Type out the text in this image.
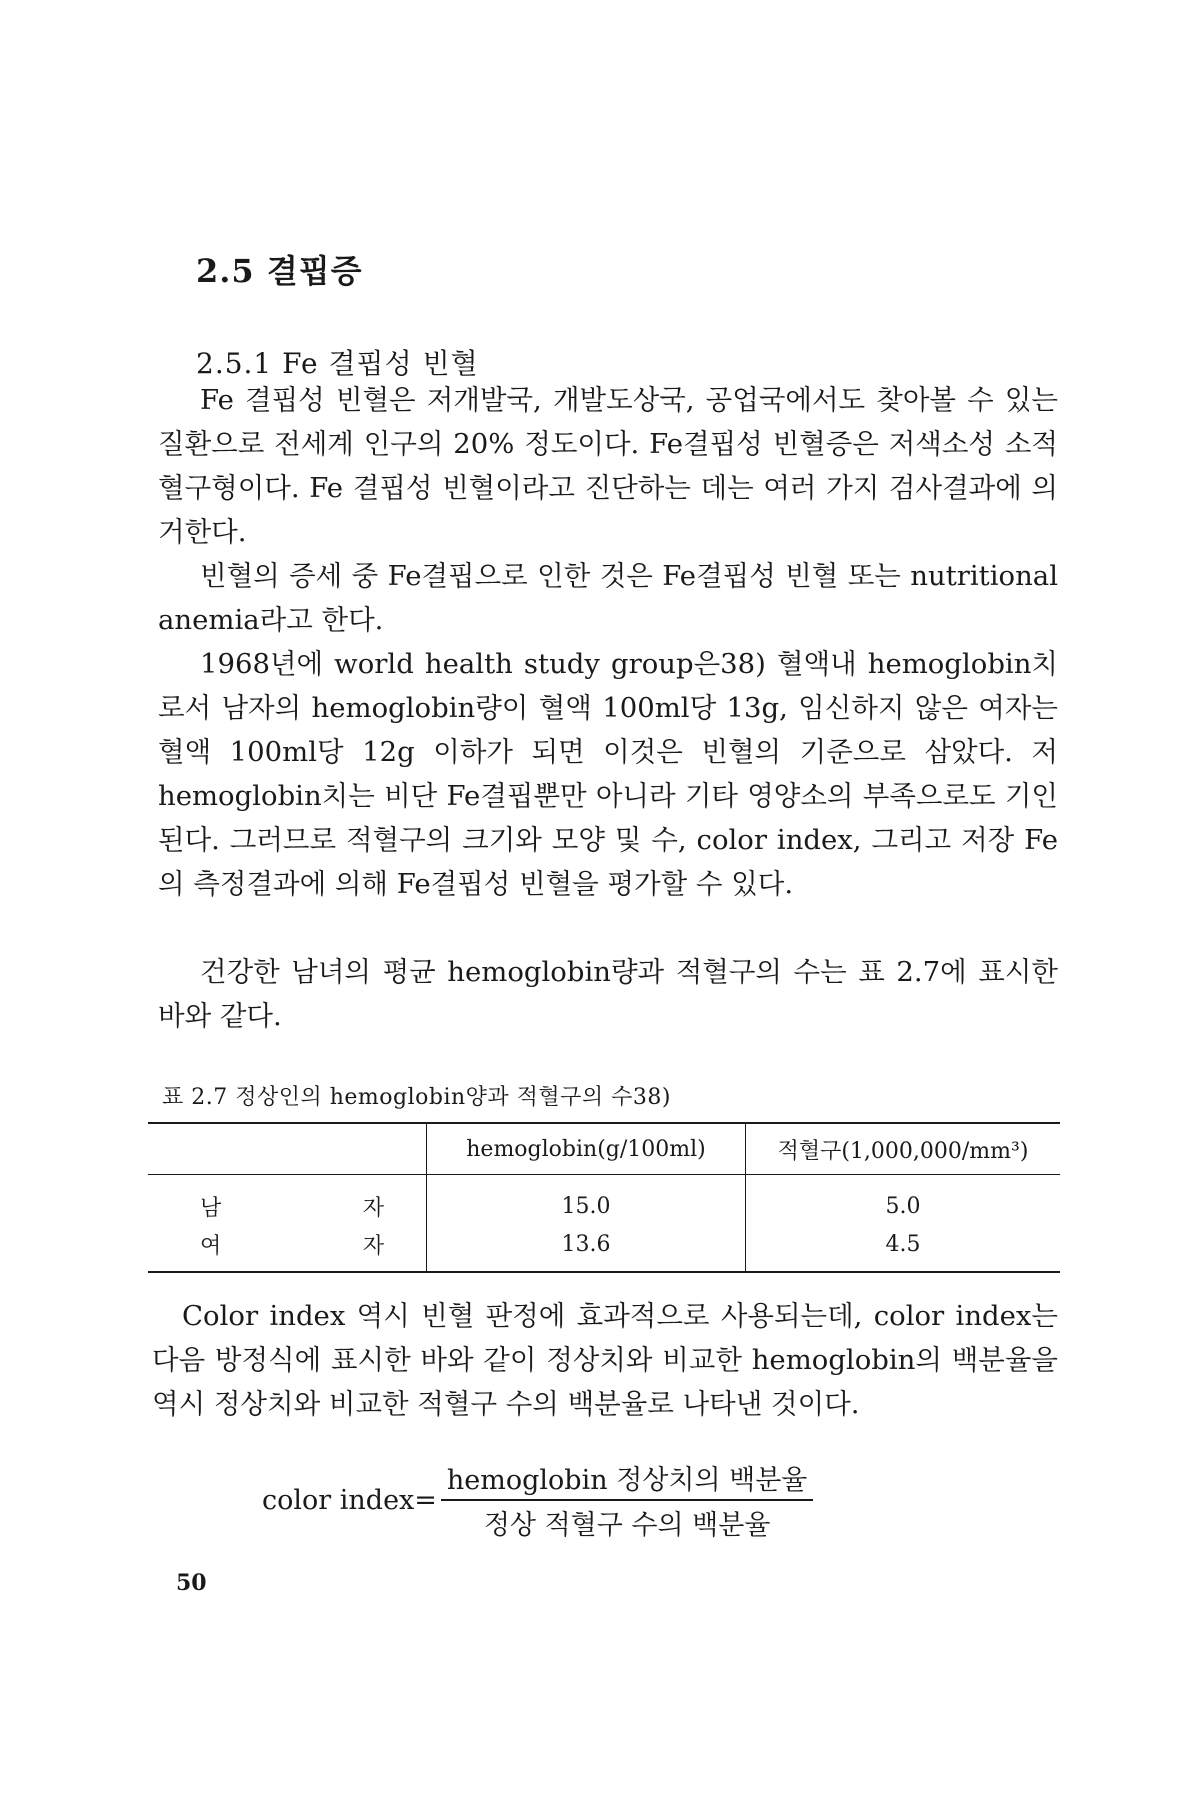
2.5 결핍증
2.5.1 Fe 결핍성 빈혈

Fe 결핍성 빈혈은 저개발국, 개발도상국, 공업국에서도 찾아볼 수 있는 질환으로 전세계 인구의 20% 정도이다. Fe결핍성 빈혈증은 저색소성 소적혈구형이다. Fe 결핍성 빈혈이라고 진단하는 데는 여러 가지 검사결과에 의거한다.

빈혈의 증세 중 Fe결핍으로 인한 것은 Fe결핍성 빈혈 또는 nutritional anemia라고 한다.

1968년에 world health study group은38) 혈액내 hemoglobin치로서 남자의 hemoglobin량이 혈액 100ml당 13g, 임신하지 않은 여자는 혈액 100ml당 12g 이하가 되면 이것은 빈혈의 기준으로 삼았다. 저 hemoglobin치는 비단 Fe결핍뿐만 아니라 기타 영양소의 부족으로도 기인된다. 그러므로 적혈구의 크기와 모양 및 수, color index, 그리고 저장 Fe의 측정결과에 의해 Fe결핍성 빈혈을 평가할 수 있다.

건강한 남녀의 평균 hemoglobin량과 적혈구의 수는 표 2.7에 표시한 바와 같다.

표 2.7 정상인의 hemoglobin양과 적혈구의 수38)
	hemoglobin(g/100ml)	적혈구(1,000,000/mm³)

남 자	15.0	5.0

여 자	13.6	4.5

Color index 역시 빈혈 판정에 효과적으로 사용되는데, color index는 다음 방정식에 표시한 바와 같이 정상치와 비교한 hemoglobin의 백분율을 역시 정상치와 비교한 적혈구 수의 백분율로 나타낸 것이다.

color index= $\frac{\text{hemoglobin 정상치의 백분율}}{\text{정상 적혈구 수의 백분율}}$
50
